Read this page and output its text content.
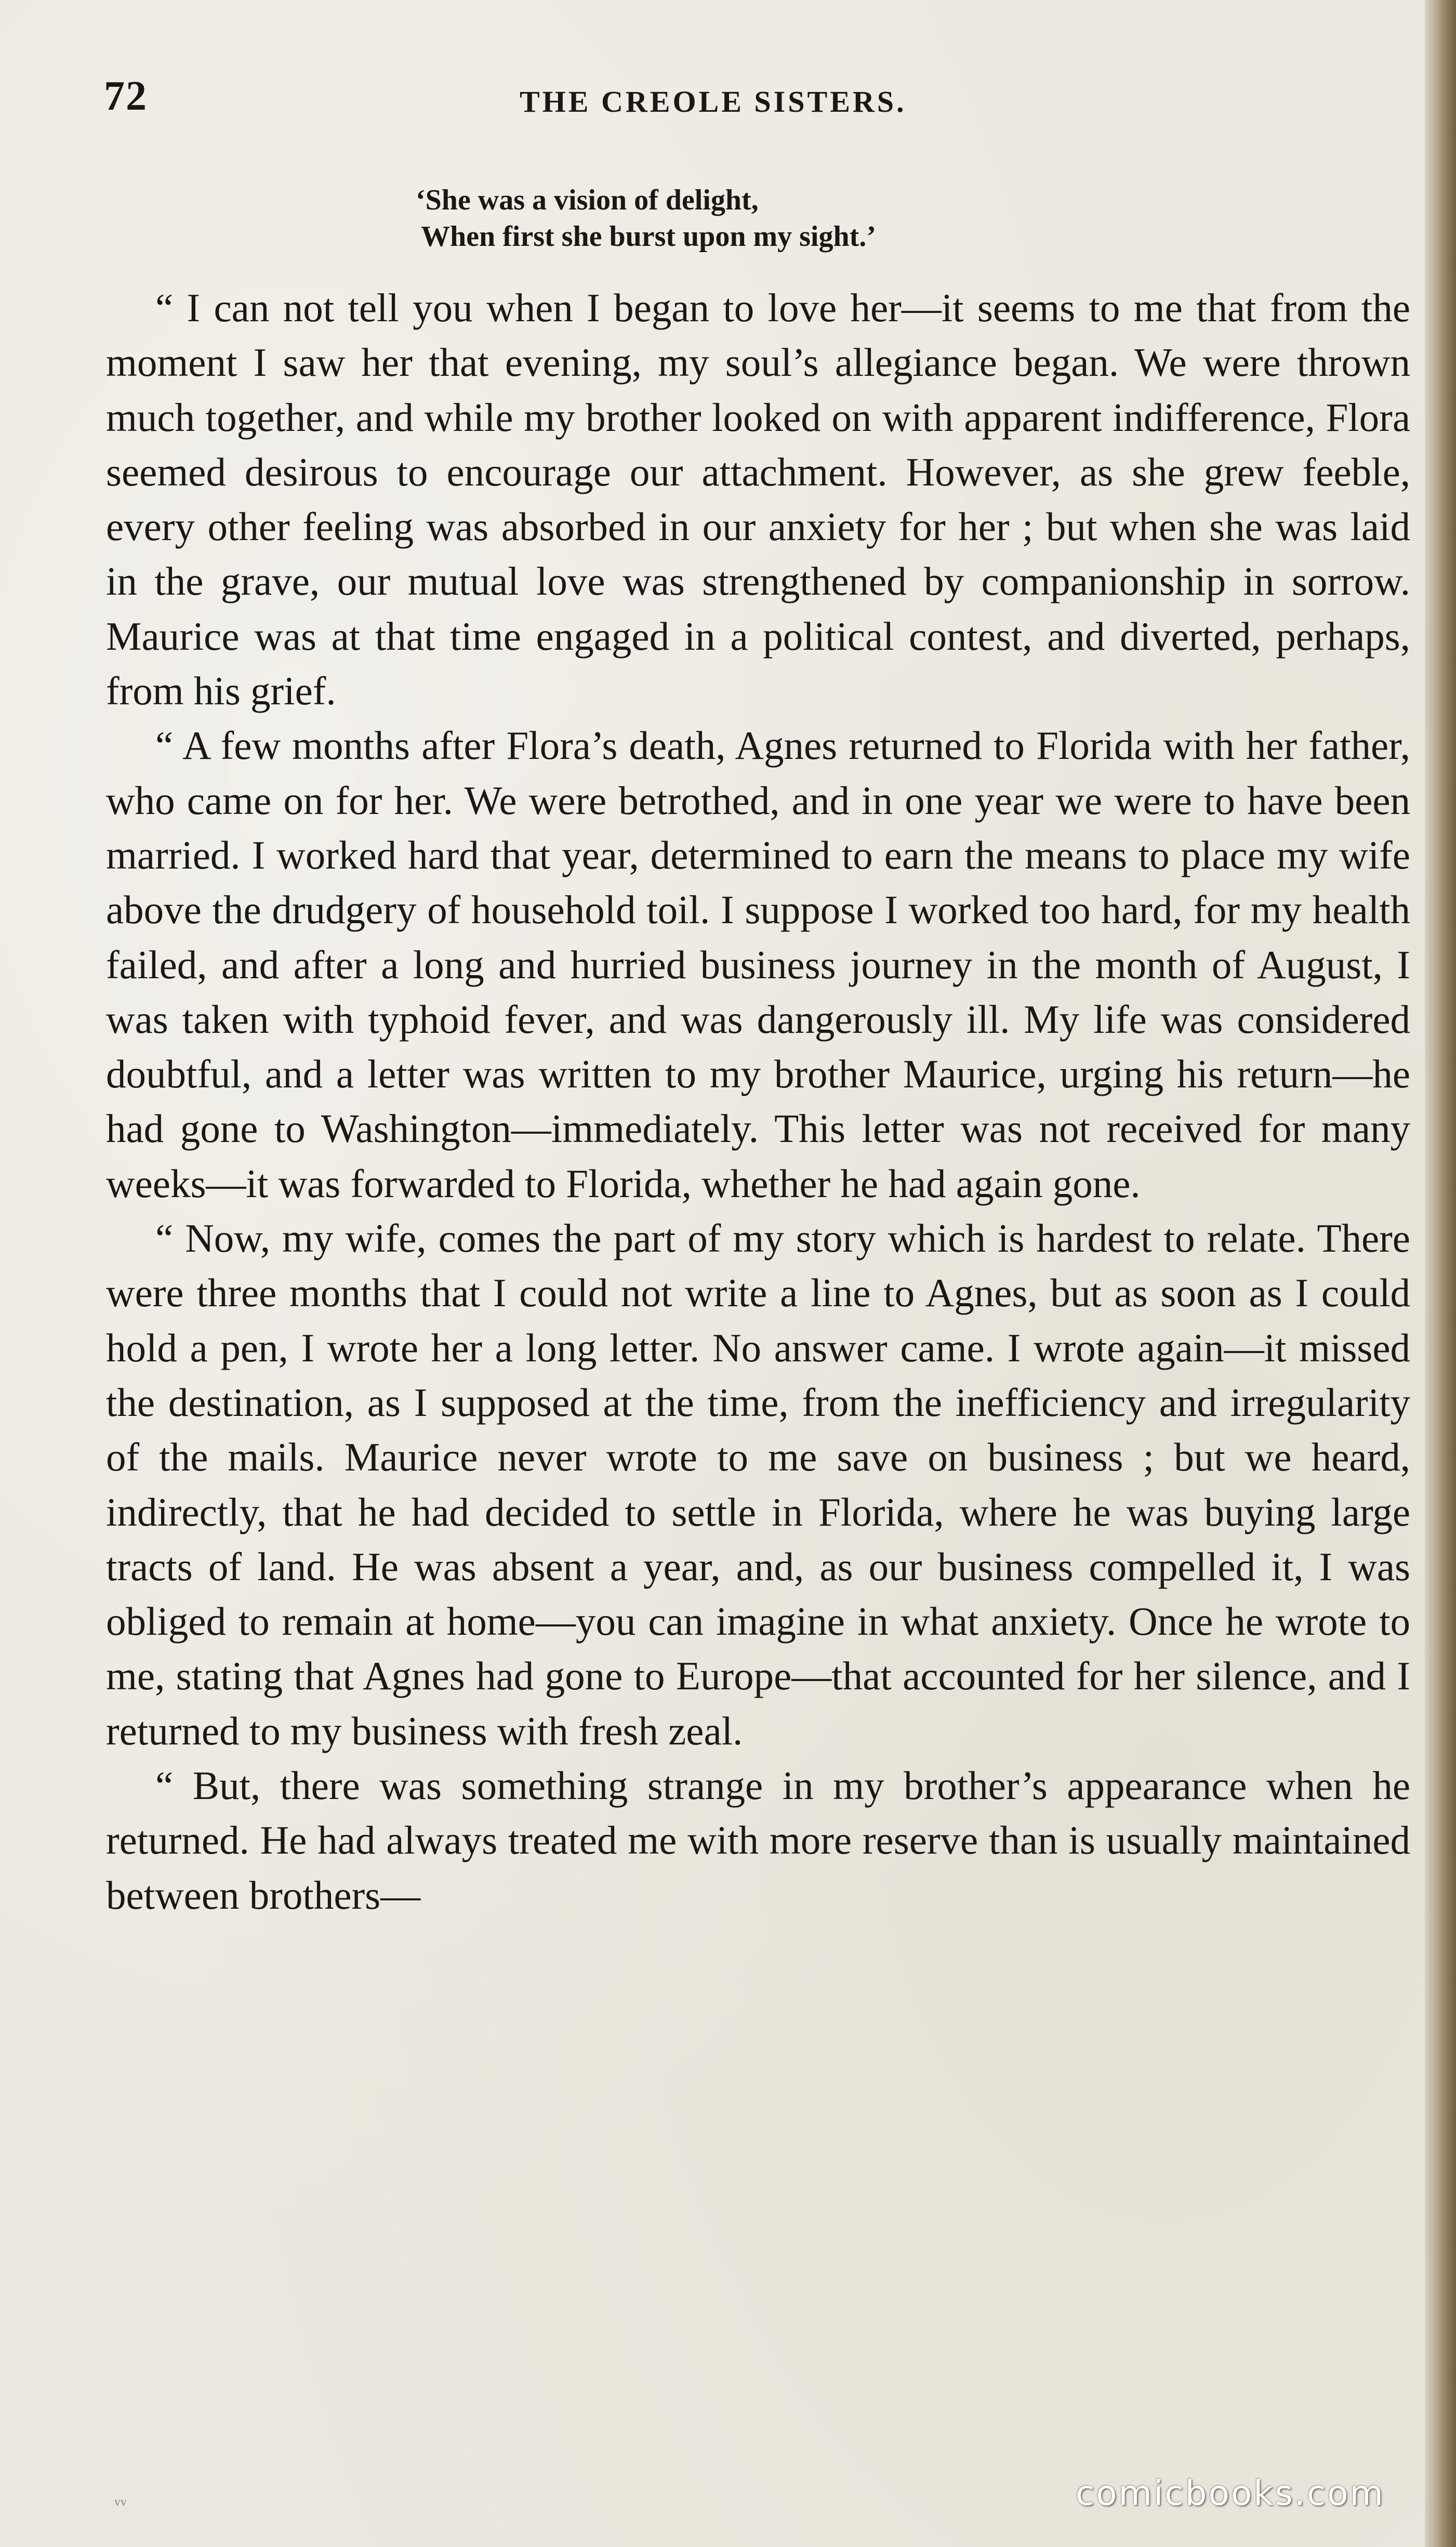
72	THE CREOLE SISTERS.
‘She was a vision of delight,
When first she burst upon my sight.’

“ I can not tell you when I began to love her—it seems to me that from the moment I saw her that evening, my soul’s allegiance began. We were thrown much together, and while my brother looked on with apparent indifference, Flora seemed desirous to encourage our attachment. However, as she grew feeble, every other feeling was absorbed in our anxiety for her ; but when she was laid in the grave, our mutual love was strengthened by companionship in sorrow. Maurice was at that time engaged in a political contest, and diverted, perhaps, from his grief.

“ A few months after Flora’s death, Agnes returned to Florida with her father, who came on for her. We were betrothed, and in one year we were to have been married. I worked hard that year, determined to earn the means to place my wife above the drudgery of household toil. I suppose I worked too hard, for my health failed, and after a long and hurried business journey in the month of August, I was taken with typhoid fever, and was dangerously ill. My life was considered doubtful, and a letter was written to my brother Maurice, urging his return—he had gone to Washington—immediately. This letter was not received for many weeks—it was forwarded to Florida, whether he had again gone.

“ Now, my wife, comes the part of my story which is hardest to relate. There were three months that I could not write a line to Agnes, but as soon as I could hold a pen, I wrote her a long letter. No answer came. I wrote again—it missed the destination, as I supposed at the time, from the inefficiency and irregularity of the mails. Maurice never wrote to me save on business ; but we heard, indirectly, that he had decided to settle in Florida, where he was buying large tracts of land. He was absent a year, and, as our business compelled it, I was obliged to remain at home—you can imagine in what anxiety. Once he wrote to me, stating that Agnes had gone to Europe—that accounted for her silence, and I returned to my business with fresh zeal.

“ But, there was something strange in my brother’s appearance when he returned. He had always treated me with more reserve than is usually maintained between brothers—

ᵥᵥ	comicbooks.com
